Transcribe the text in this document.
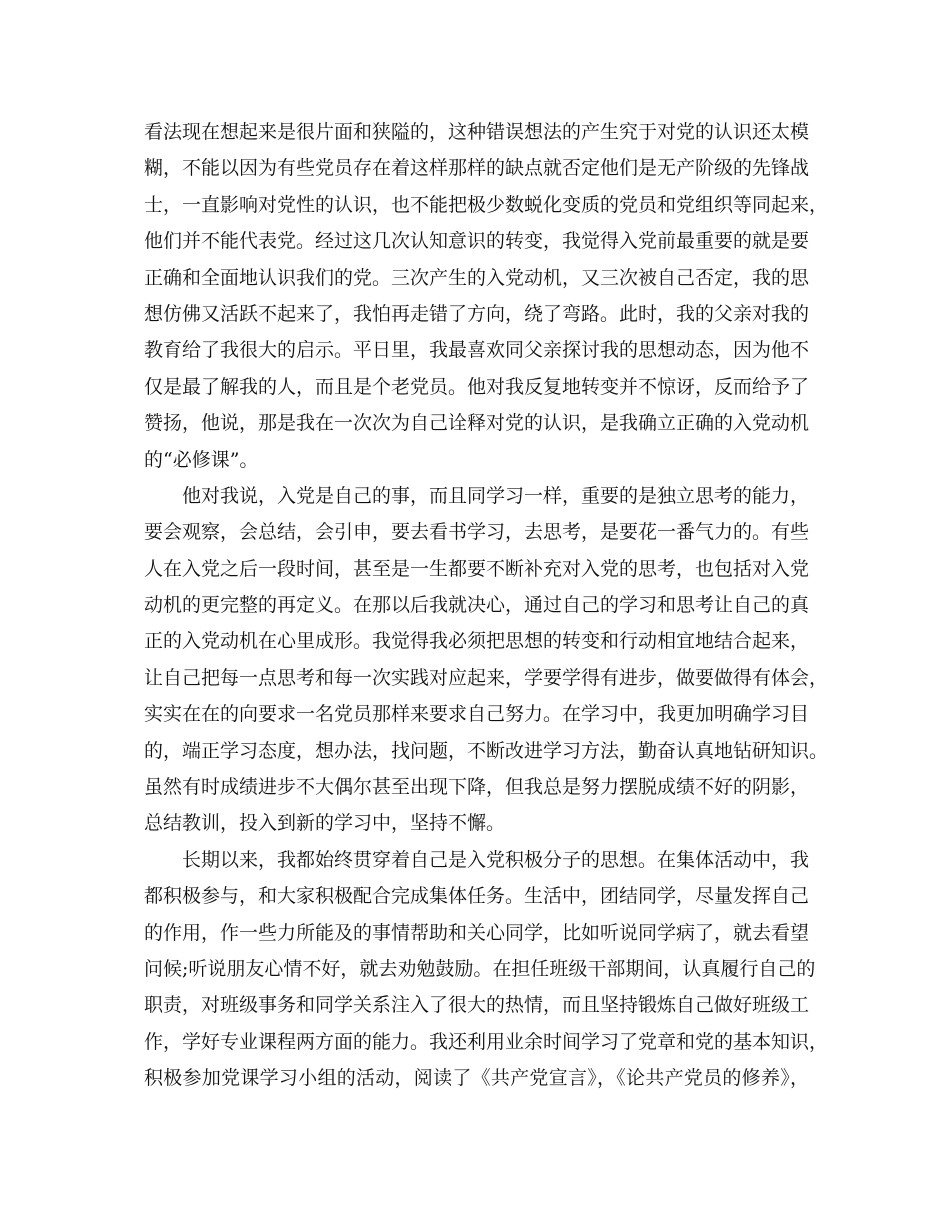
看法现在想起来是很片面和狭隘的，这种错误想法的产生究于对党的认识还太模
糊，不能以因为有些党员存在着这样那样的缺点就否定他们是无产阶级的先锋战
士，一直影响对党性的认识，也不能把极少数蜕化变质的党员和党组织等同起来，
他们并不能代表党。经过这几次认知意识的转变，我觉得入党前最重要的就是要
正确和全面地认识我们的党。三次产生的入党动机，又三次被自己否定，我的思
想仿佛又活跃不起来了，我怕再走错了方向，绕了弯路。此时，我的父亲对我的
教育给了我很大的启示。平日里，我最喜欢同父亲探讨我的思想动态，因为他不
仅是最了解我的人，而且是个老党员。他对我反复地转变并不惊讶，反而给予了
赞扬，他说，那是我在一次次为自己诠释对党的认识，是我确立正确的入党动机
的“必修课”。
他对我说，入党是自己的事，而且同学习一样，重要的是独立思考的能力，
要会观察，会总结，会引申，要去看书学习，去思考，是要花一番气力的。有些
人在入党之后一段时间，甚至是一生都要不断补充对入党的思考，也包括对入党
动机的更完整的再定义。在那以后我就决心，通过自己的学习和思考让自己的真
正的入党动机在心里成形。我觉得我必须把思想的转变和行动相宜地结合起来，
让自己把每一点思考和每一次实践对应起来，学要学得有进步，做要做得有体会，
实实在在的向要求一名党员那样来要求自己努力。在学习中，我更加明确学习目
的，端正学习态度，想办法，找问题，不断改进学习方法，勤奋认真地钻研知识。
虽然有时成绩进步不大偶尔甚至出现下降，但我总是努力摆脱成绩不好的阴影，
总结教训，投入到新的学习中，坚持不懈。
长期以来，我都始终贯穿着自己是入党积极分子的思想。在集体活动中，我
都积极参与，和大家积极配合完成集体任务。生活中，团结同学，尽量发挥自己
的作用，作一些力所能及的事情帮助和关心同学，比如听说同学病了，就去看望
问候;听说朋友心情不好，就去劝勉鼓励。在担任班级干部期间，认真履行自己的
职责，对班级事务和同学关系注入了很大的热情，而且坚持锻炼自己做好班级工
作，学好专业课程两方面的能力。我还利用业余时间学习了党章和党的基本知识，
积极参加党课学习小组的活动，阅读了《共产党宣言》，《论共产党员的修养》，
